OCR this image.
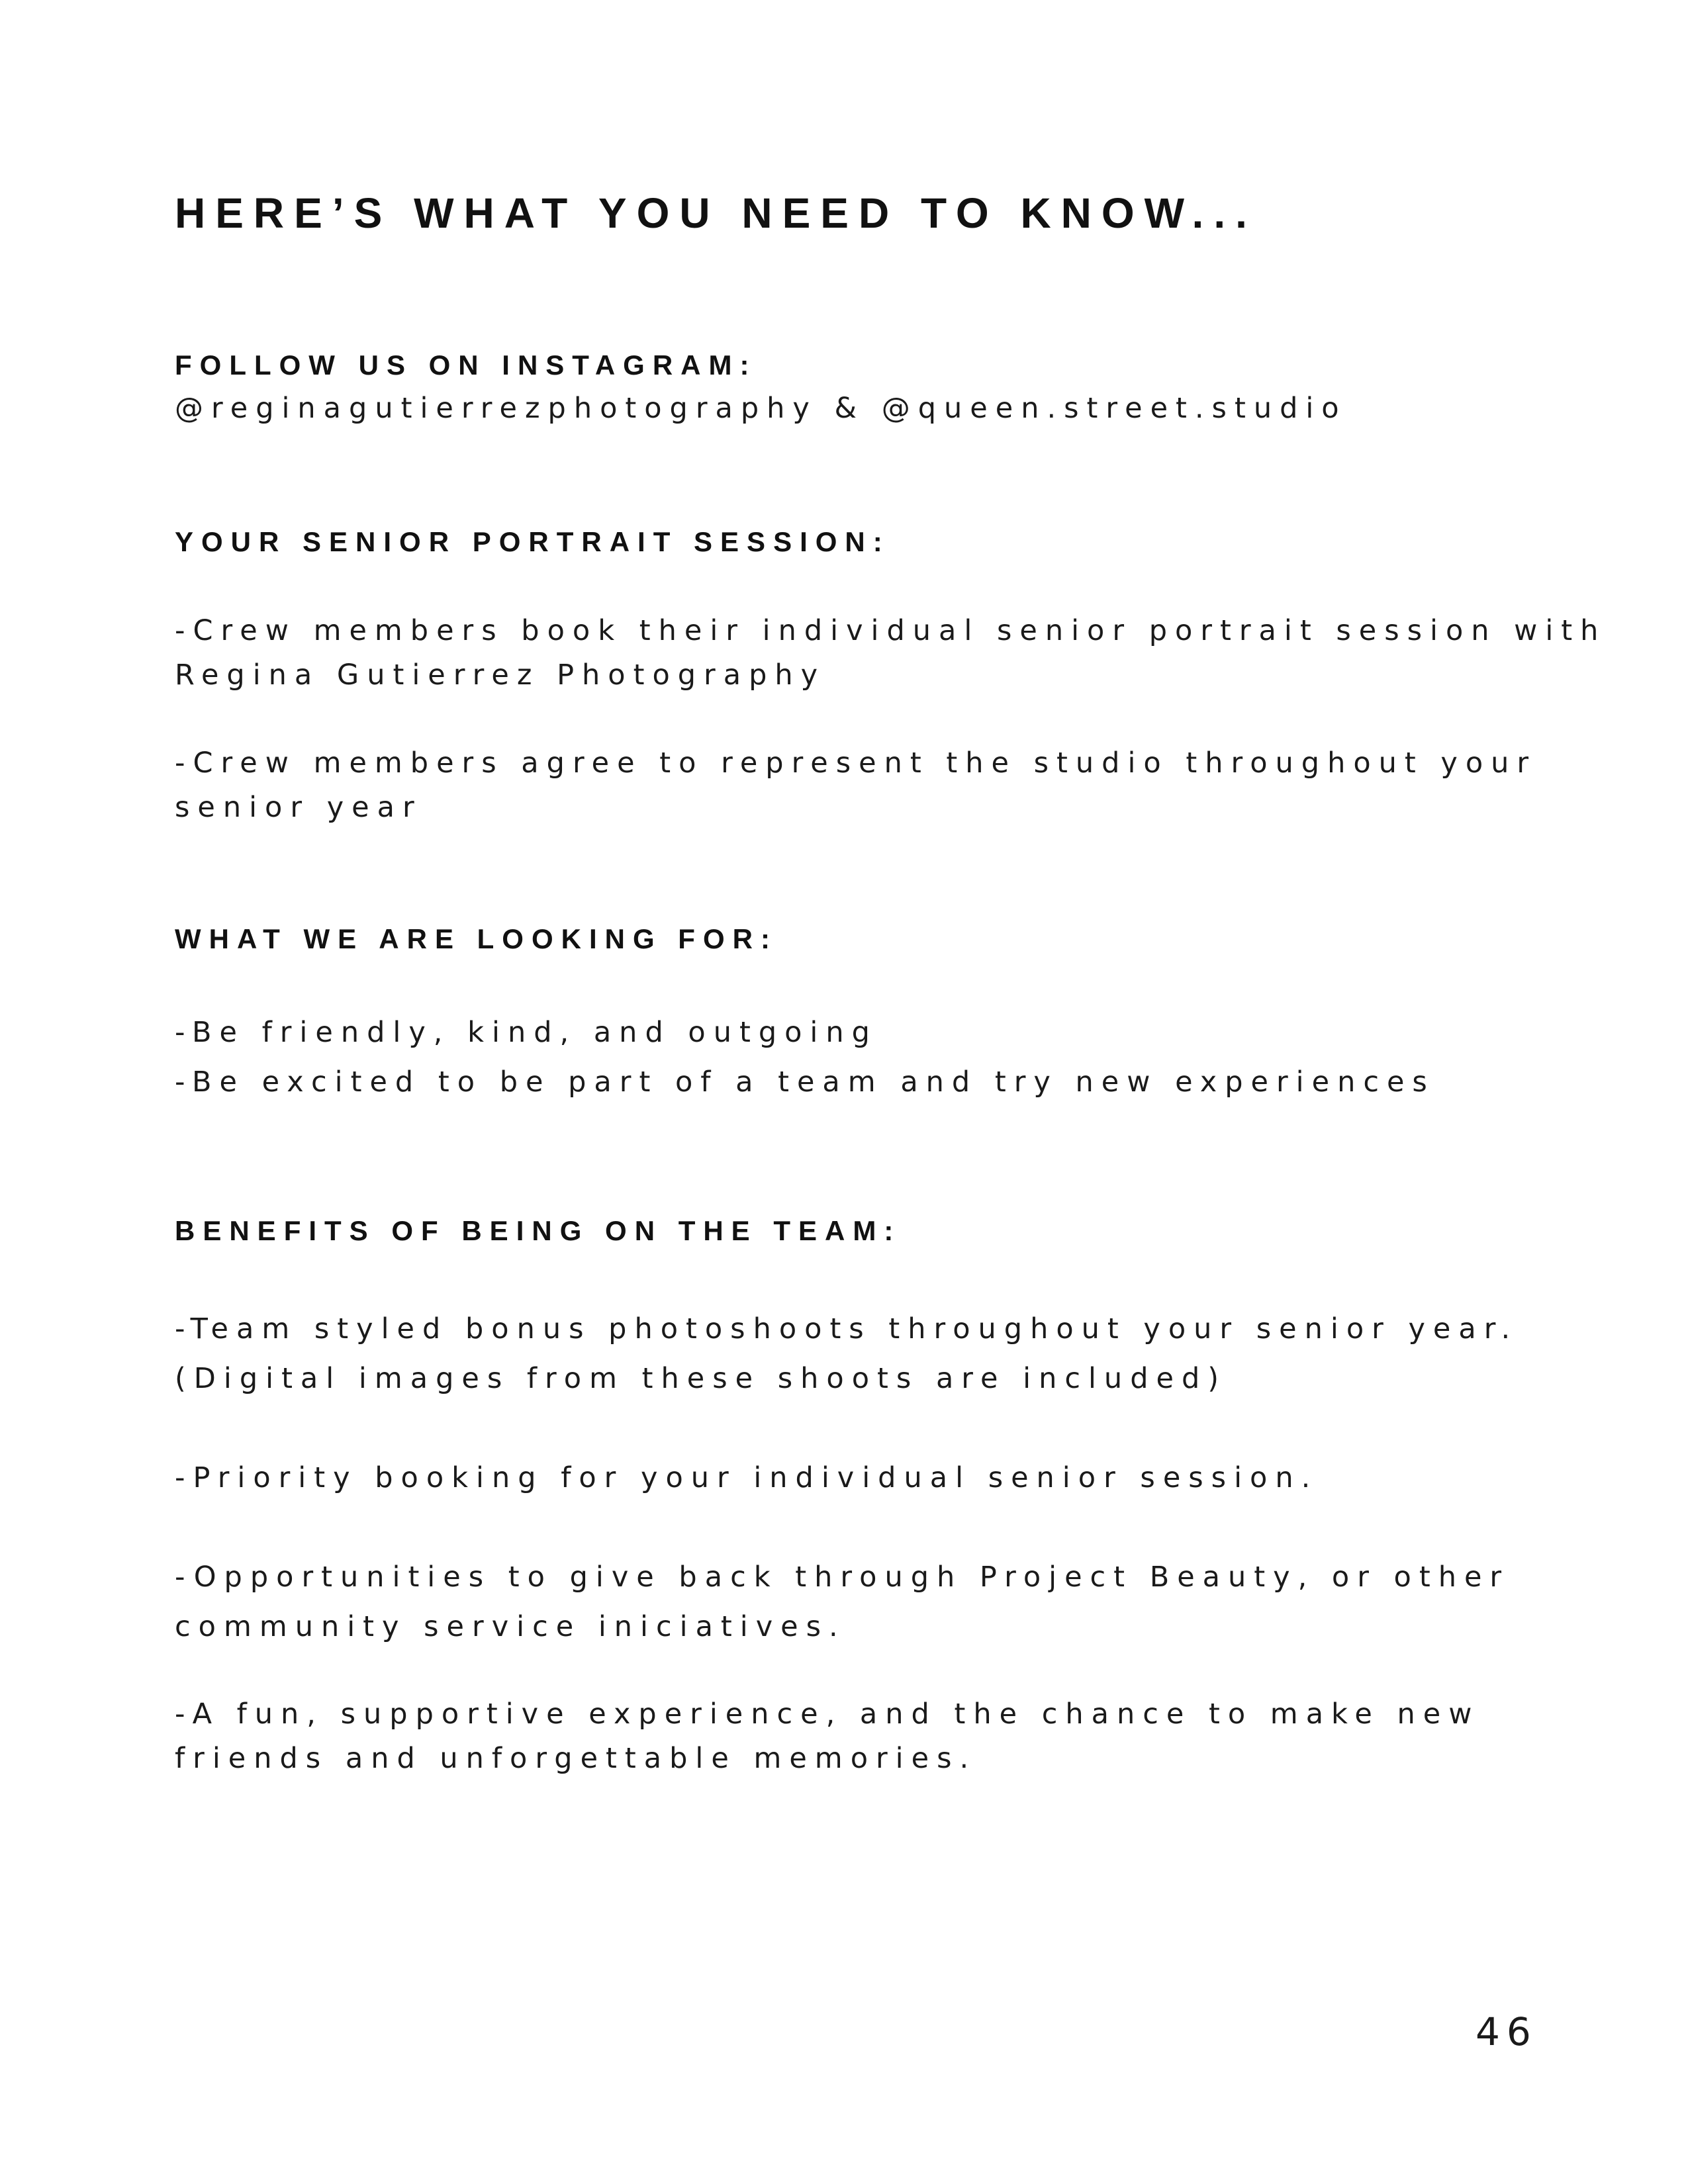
HERE’S WHAT YOU NEED TO KNOW...
FOLLOW US ON INSTAGRAM:

@reginagutierrezphotography & @queen.street.studio

YOUR SENIOR PORTRAIT SESSION:

-Crew members book their individual senior portrait session with

Regina Gutierrez Photography

-Crew members agree to represent the studio throughout your

senior year

WHAT WE ARE LOOKING FOR:

-Be friendly, kind, and outgoing

-Be excited to be part of a team and try new experiences

BENEFITS OF BEING ON THE TEAM:

-Team styled bonus photoshoots throughout your senior year.

(Digital images from these shoots are included)

-Priority booking for your individual senior session.

-Opportunities to give back through Project Beauty, or other

community service iniciatives.

-A fun, supportive experience, and the chance to make new

friends and unforgettable memories.

46
